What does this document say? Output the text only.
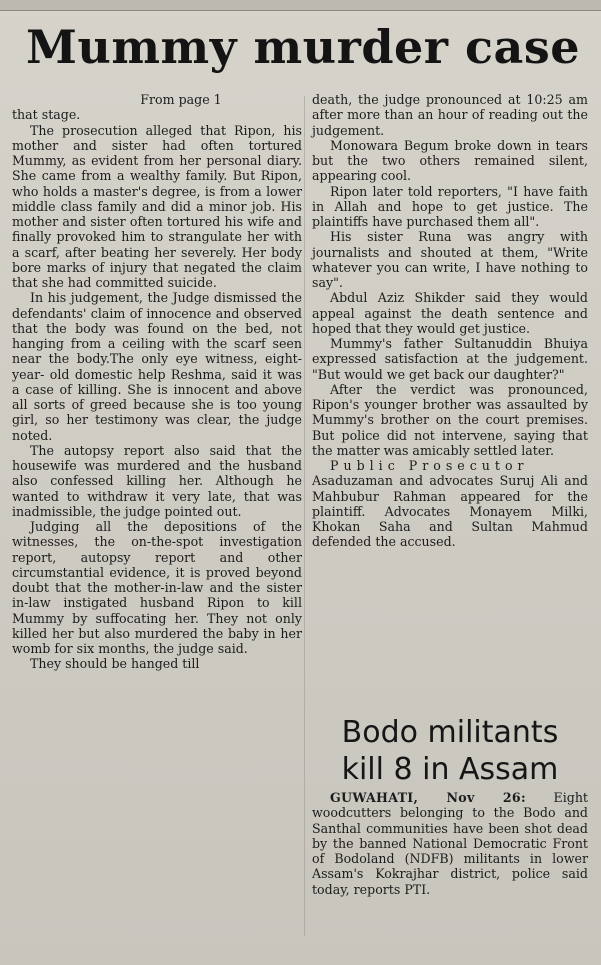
Mummy murder case

From page 1

that stage.

The prosecution alleged that Ripon, his mother and sister had often tortured Mummy, as evident from her personal diary. She came from a wealthy family. But Ripon, who holds a master's degree, is from a lower middle class family and did a minor job. His mother and sister often tortured his wife and finally provoked him to strangulate her with a scarf, after beating her severely. Her body bore marks of injury that negated the claim that she had committed suicide.

In his judgement, the Judge dismissed the defendants' claim of innocence and observed that the body was found on the bed, not hanging from a ceiling with the scarf seen near the body.The only eye witness, eight-year- old domestic help Reshma, said it was a case of killing. She is innocent and above all sorts of greed because she is too young girl, so her testimony was clear, the judge noted.

The autopsy report also said that the housewife was murdered and the husband also confessed killing her. Although he wanted to withdraw it very late, that was inadmissible, the judge pointed out.

Judging all the depositions of the witnesses, the on-the-spot investigation report, autopsy report and other circumstantial evidence, it is proved beyond doubt that the mother-in-law and the sister in-law instigated husband Ripon to kill Mummy by suffocating her. They not only killed her but also murdered the baby in her womb for six months, the judge said.

They should be hanged till

death, the judge pronounced at 10:25 am after more than an hour of reading out the judgement.

Monowara Begum broke down in tears but the two others remained silent, appearing cool.

Ripon later told reporters, "I have faith in Allah and hope to get justice. The plaintiffs have purchased them all".

His sister Runa was angry with journalists and shouted at them, "Write whatever you can write, I have nothing to say".

Abdul Aziz Shikder said they would appeal against the death sentence and hoped that they would get justice.

Mummy's father Sultanuddin Bhuiya expressed satisfaction at the judgement. "But would we get back our daughter?"

After the verdict was pronounced, Ripon's younger brother was assaulted by Mummy's brother on the court premises. But police did not intervene, saying that the matter was amicably settled later.

Public Prosecutor

Asaduzaman and advocates Suruj Ali and Mahbubur Rahman appeared for the plaintiff. Advocates Monayem Milki, Khokan Saha and Sultan Mahmud defended the accused.

Bodo militants
kill 8 in Assam

GUWAHATI, Nov 26: Eight woodcutters belonging to the Bodo and Santhal communities have been shot dead by the banned National Democratic Front of Bodoland (NDFB) militants in lower Assam's Kokrajhar district, police said today, reports PTI.
